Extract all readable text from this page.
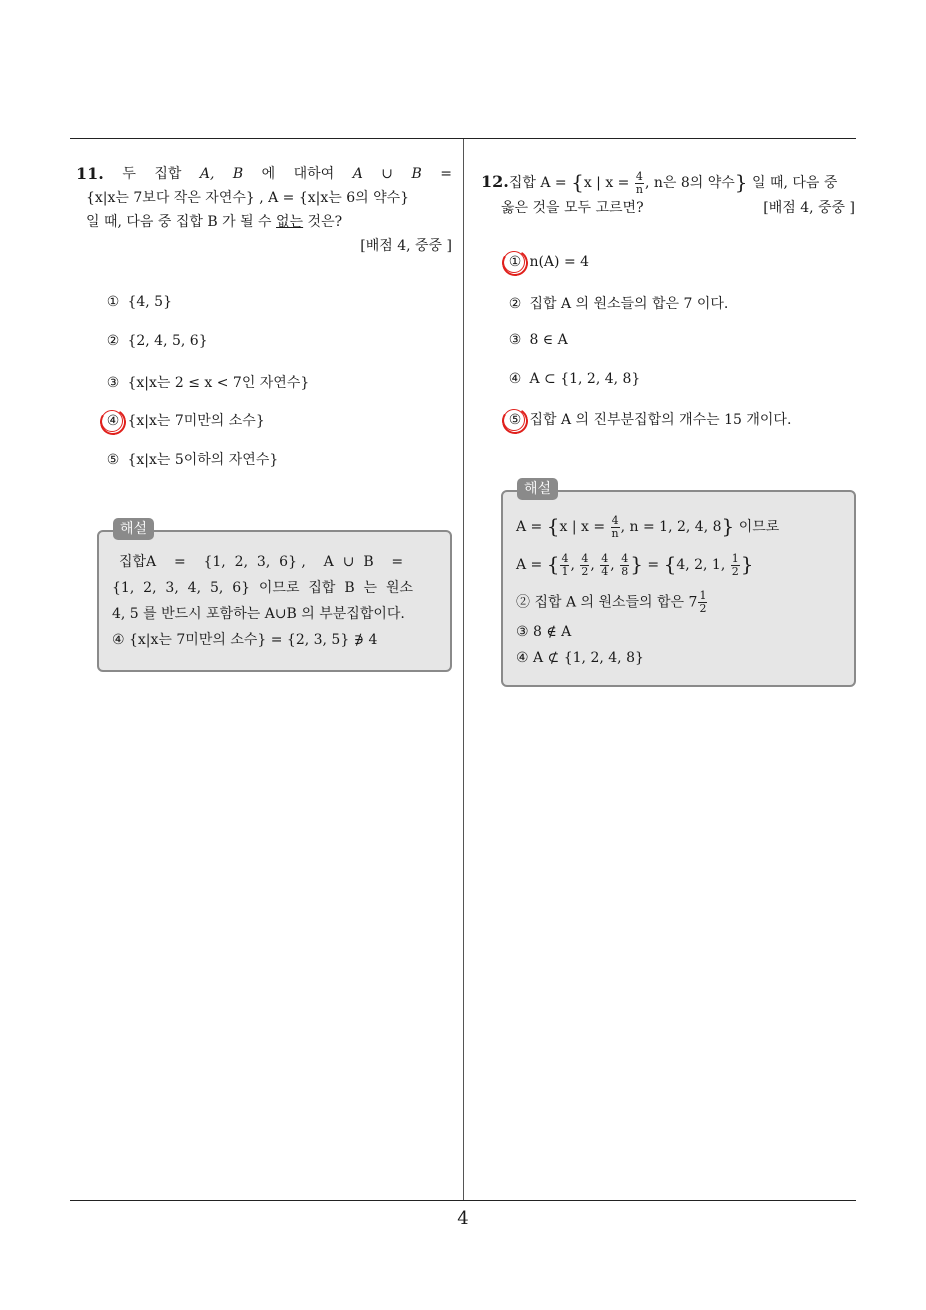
4
11. 두 집합 A, B 에 대하여 A ∪ B =
{x|x는 7보다 작은 자연수} , A = {x|x는 6의 약수}
일 때, 다음 중 집합 B 가 될 수 없는 것은?
[배점 4, 중중 ]
① {4, 5}
② {2, 4, 5, 6}
③ {x|x는 2 ≤ x < 7인 자연수}
④ {x|x는 7미만의 소수}
⑤ {x|x는 5이하의 자연수}
집합A    =    {1,  2,  3,  6} ,    A  ∪  B    =
{1,  2,  3,  4,  5,  6}  이므로  집합  B  는  원소
4, 5 를 반드시 포함하는 A∪B 의 부분집합이다.
④ {x|x는 7미만의 소수} = {2, 3, 5} ∌ 4
해설
12.집합 A = {x | $x = \frac{4}{n}$ , n은 8의 약수} 일 때, 다음 중
옳은 것을 모두 고르면?	[배점 4, 중중 ]
① n(A) = 4
② 집합 A 의 원소들의 합은 7 이다.
③ 8 ∈ A
④ A ⊂ {1, 2, 4, 8}
⑤ 집합 A 의 진부분집합의 개수는 15 개이다.
A = {x | $x = \frac{4}{n}$ , n = 1, 2, 4, 8} 이므로
A = { $\frac{4}{1}$ , $\frac{4}{2}$ , $\frac{4}{4}$ , $\frac{4}{8}$ } = {4, 2, 1, $\frac{1}{2}$ }
② 집합 A 의 원소들의 합은 $7 \frac{1}{2}$
③ 8 ∉ A
④ A ⊄ {1, 2, 4, 8}
해설
